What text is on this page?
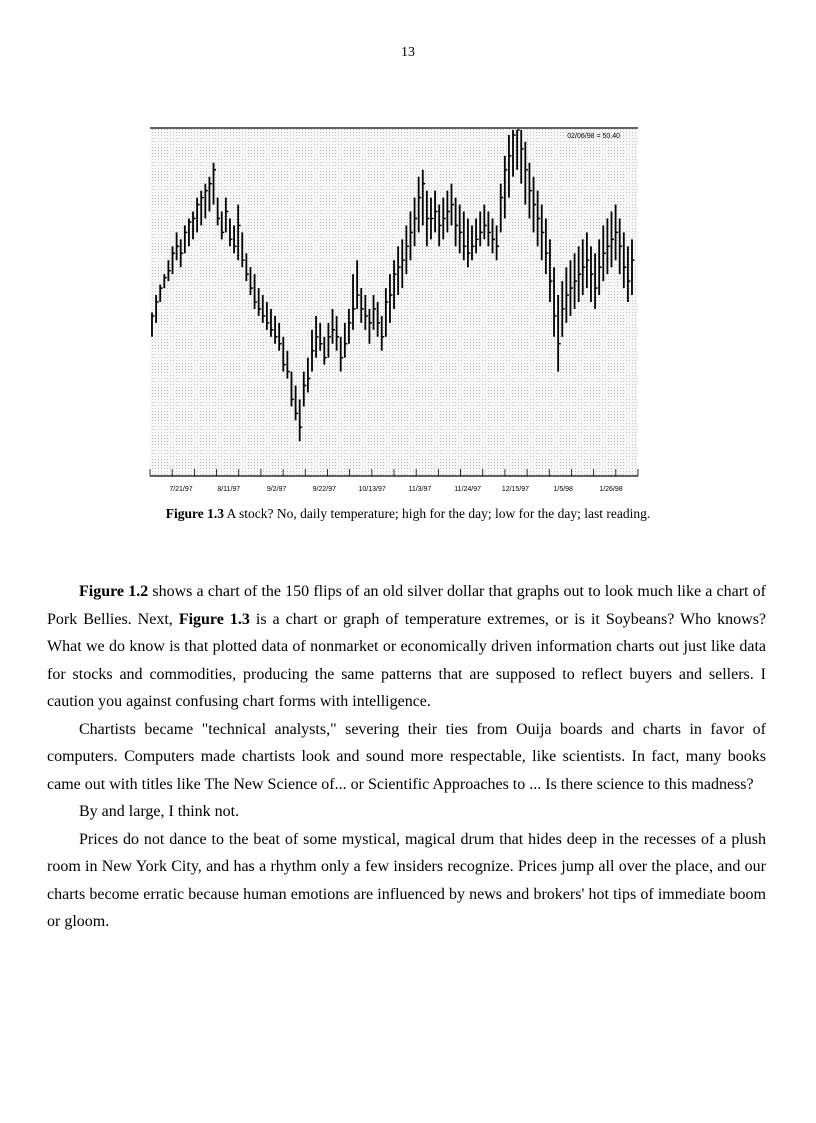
13
02/06/98 = 50.40
7/21/97	8/11/97	9/2/97	9/22/97	10/13/97	11/3/97	11/24/97	12/15/97	1/5/98	1/26/98
Figure 1.3 A stock? No, daily temperature; high for the day; low for the day; last reading.

Figure 1.2 shows a chart of the 150 flips of an old silver dollar that graphs out to look much like a chart of Pork Bellies. Next, Figure 1.3 is a chart or graph of temperature extremes, or is it Soybeans? Who knows? What we do know is that plotted data of nonmarket or economically driven information charts out just like data for stocks and commodities, producing the same patterns that are supposed to reflect buyers and sellers. I caution you against confusing chart forms with intelligence.

Chartists became "technical analysts," severing their ties from Ouija boards and charts in favor of computers. Computers made chartists look and sound more respectable, like scientists. In fact, many books came out with titles like The New Science of... or Scientific Approaches to ... Is there science to this madness?

By and large, I think not.

Prices do not dance to the beat of some mystical, magical drum that hides deep in the recesses of a plush room in New York City, and has a rhythm only a few insiders recognize. Prices jump all over the place, and our charts become erratic because human emotions are influenced by news and brokers' hot tips of immediate boom or gloom.
